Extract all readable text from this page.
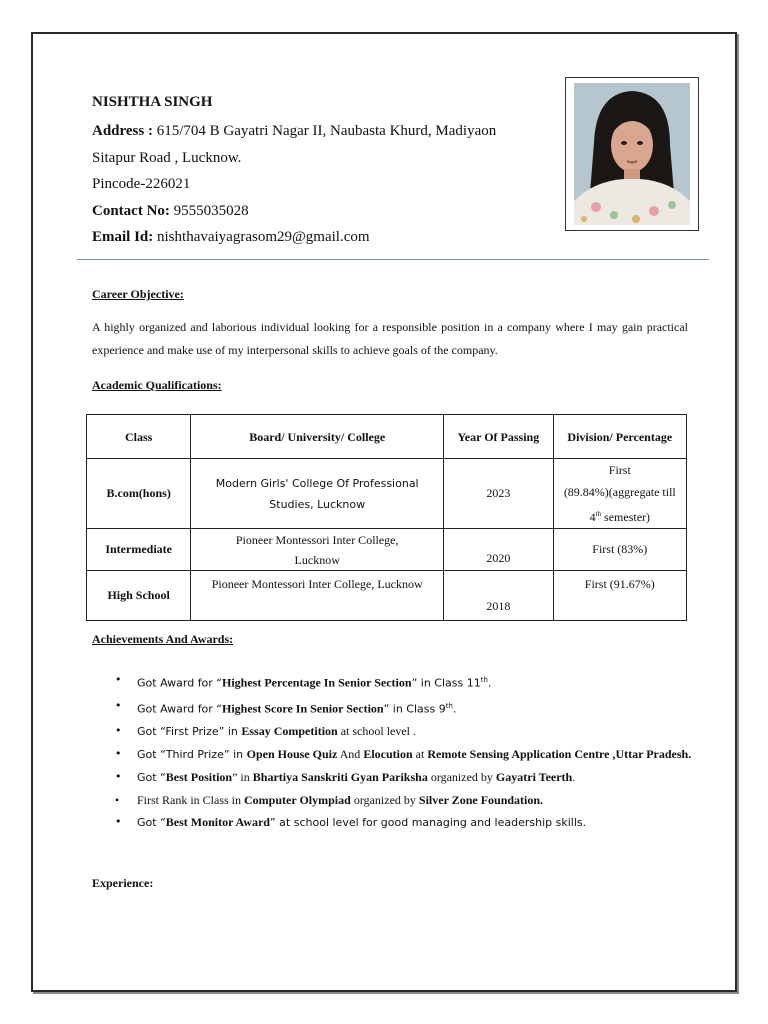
NISHTHA SINGH
Address : 615/704 B Gayatri Nagar II, Naubasta Khurd, Madiyaon
Sitapur Road , Lucknow.
Pincode-226021
Contact No: 9555035028
Email Id: nishthavaiyagrasom29@gmail.com
Career Objective:
A highly organized and laborious individual looking for a responsible position in a company where I may gain practical experience and make use of my interpersonal skills to achieve goals of the company.
Academic Qualifications:
Class	Board/ University/ College	Year Of Passing	Division/ Percentage
B.com(hons)	Modern Girls' College Of Professional Studies, Lucknow	2023	First
(89.84%)(aggregate till
4th semester)

Intermediate	Pioneer Montessori Inter College,
Lucknow	2020	First (83%)
High School	Pioneer Montessori Inter College, Lucknow	2018	First (91.67%)
Achievements And Awards:
• Got Award for “Highest Percentage In Senior Section” in Class 11th.
• Got Award for “Highest Score In Senior Section” in Class 9th.
• Got “First Prize” in Essay Competition at school level .
• Got “Third Prize” in Open House Quiz And Elocution at Remote Sensing Application Centre ,Uttar Pradesh.
• Got “Best Position” in Bhartiya Sanskriti Gyan Pariksha organized by Gayatri Teerth.
• First Rank in Class in Computer Olympiad organized by Silver Zone Foundation.
• Got “Best Monitor Award” at school level for good managing and leadership skills.
Experience:
